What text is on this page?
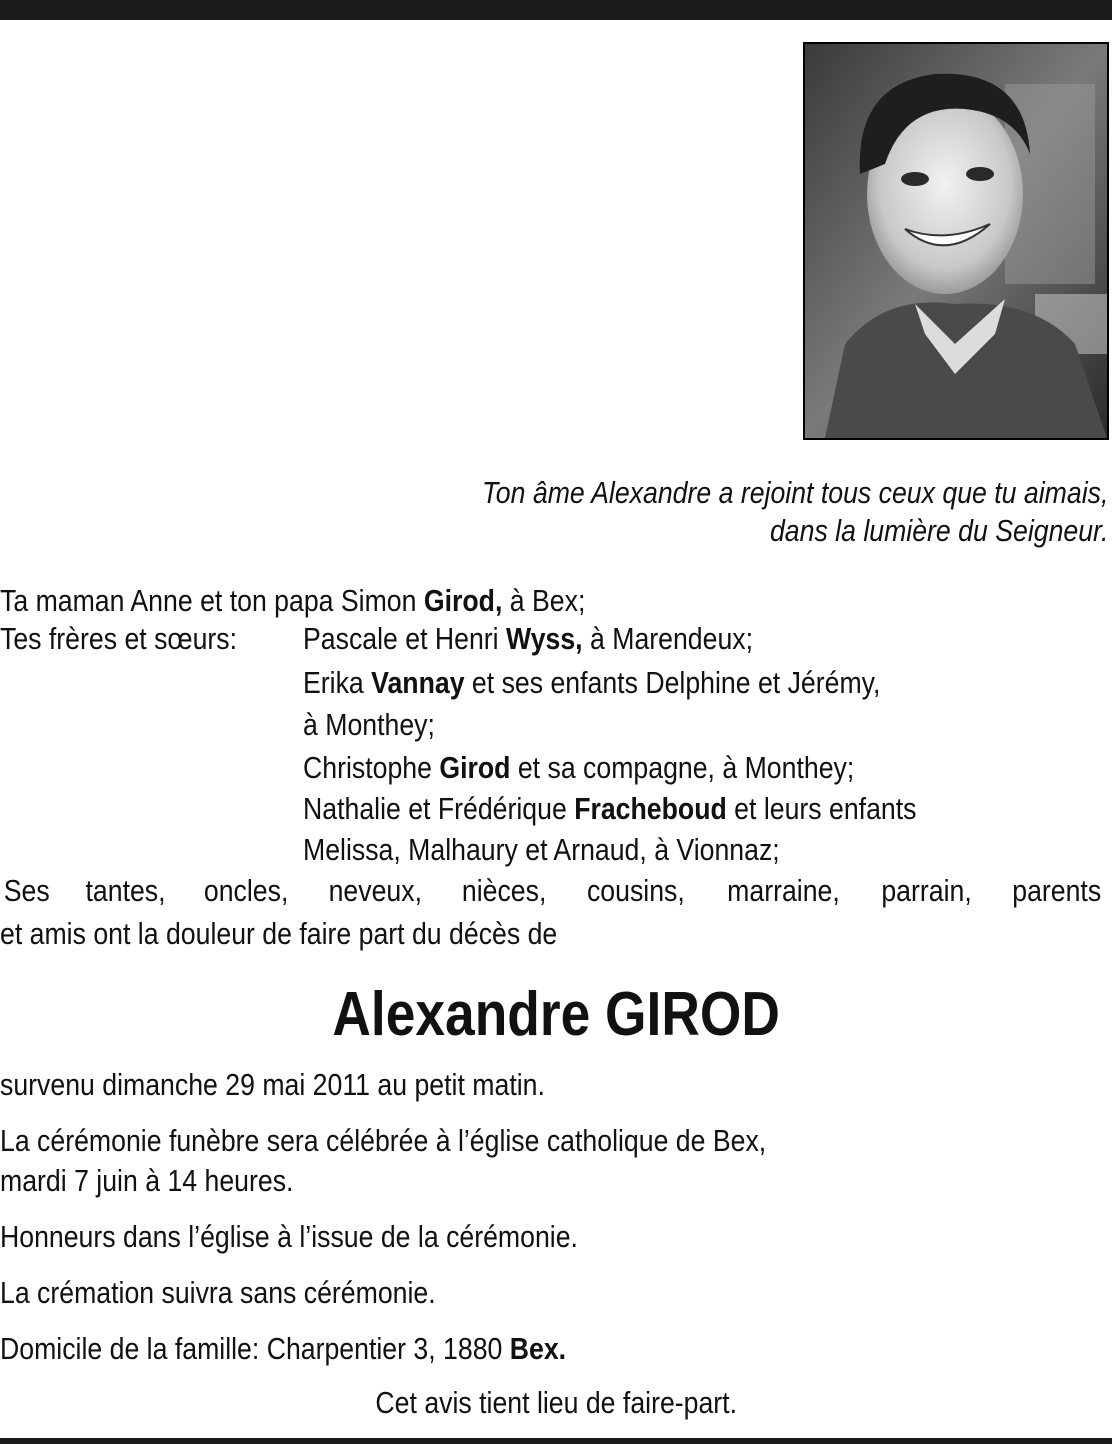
Ton âme Alexandre a rejoint tous ceux que tu aimais,
dans la lumière du Seigneur.
Ta maman Anne et ton papa Simon Girod, à Bex;
Tes frères et sœurs: Pascale et Henri Wyss, à Marendeux;
Erika Vannay et ses enfants Delphine et Jérémy,
à Monthey;
Christophe Girod et sa compagne, à Monthey;
Nathalie et Frédérique Fracheboud et leurs enfants
Melissa, Malhaury et Arnaud, à Vionnaz;
Ses tantes, oncles, neveux, nièces, cousins, marraine, parrain, parents
et amis ont la douleur de faire part du décès de
Alexandre GIROD
survenu dimanche 29 mai 2011 au petit matin.
La cérémonie funèbre sera célébrée à l’église catholique de Bex,
mardi 7 juin à 14 heures.
Honneurs dans l’église à l’issue de la cérémonie.
La crémation suivra sans cérémonie.
Domicile de la famille: Charpentier 3, 1880 Bex.
Cet avis tient lieu de faire-part.
